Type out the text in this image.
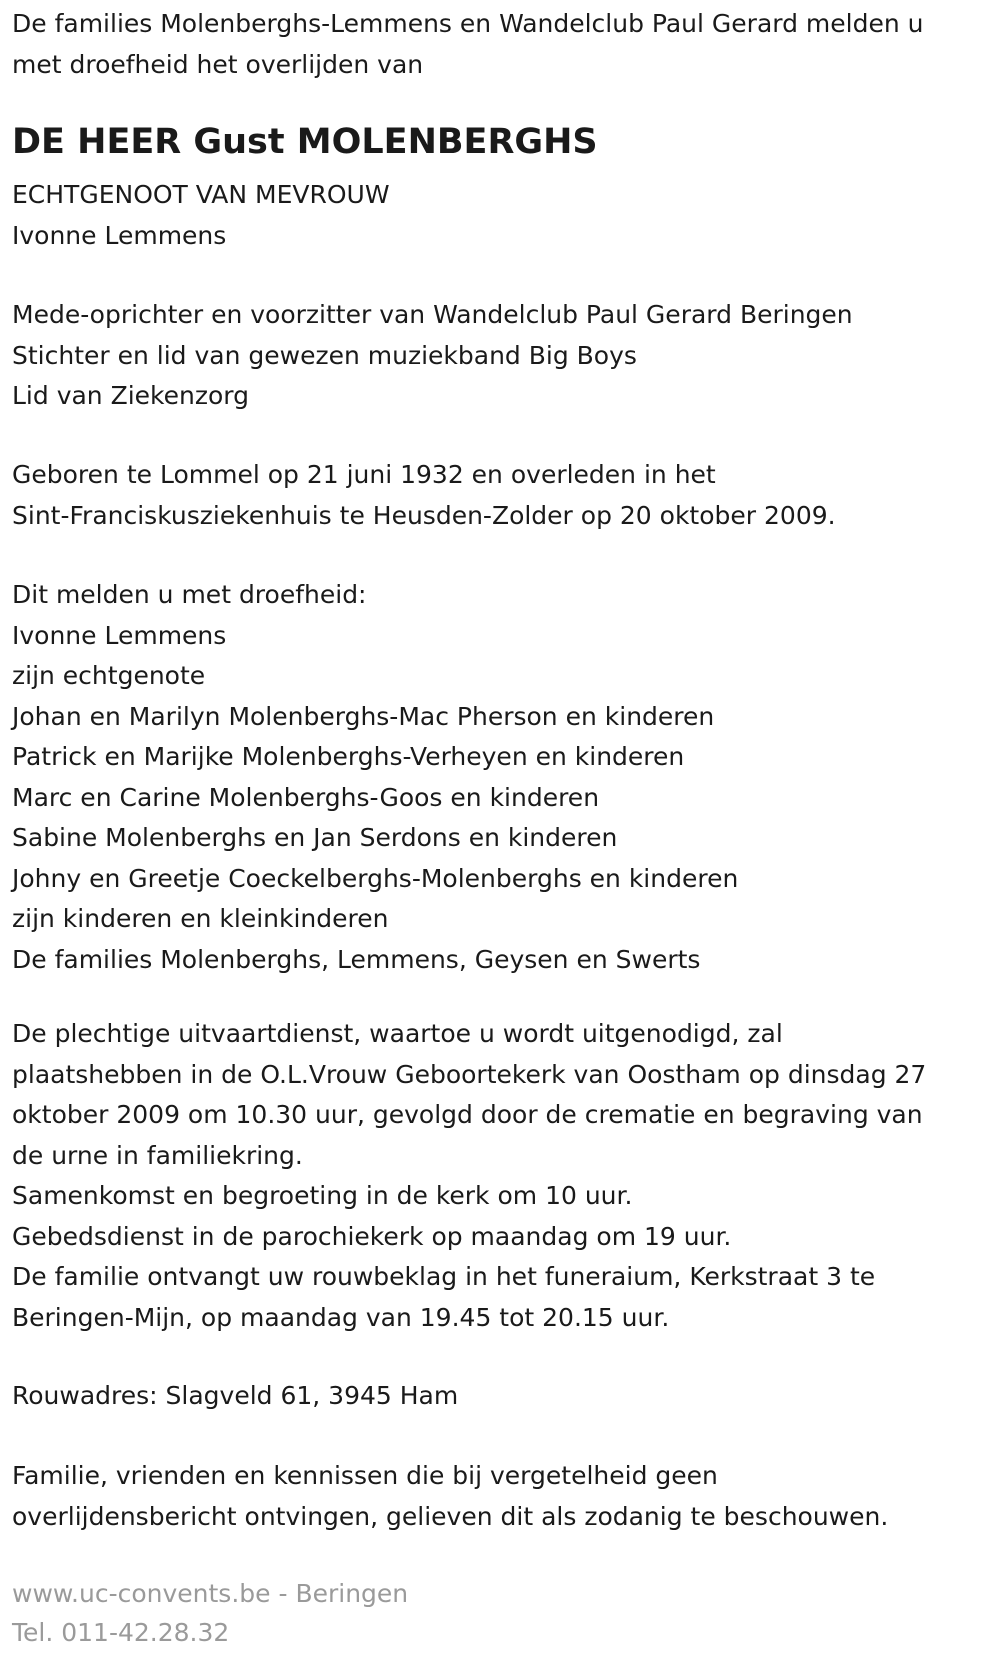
De families Molenberghs-Lemmens en Wandelclub Paul Gerard melden u

met droefheid het overlijden van

DE HEER Gust MOLENBERGHS

ECHTGENOOT VAN MEVROUW

Ivonne Lemmens

Mede-oprichter en voorzitter van Wandelclub Paul Gerard Beringen

Stichter en lid van gewezen muziekband Big Boys

Lid van Ziekenzorg

Geboren te Lommel op 21 juni 1932 en overleden in het

Sint-Franciskusziekenhuis te Heusden-Zolder op 20 oktober 2009.

Dit melden u met droefheid:

Ivonne Lemmens

zijn echtgenote

Johan en Marilyn Molenberghs-Mac Pherson en kinderen

Patrick en Marijke Molenberghs-Verheyen en kinderen

Marc en Carine Molenberghs-Goos en kinderen

Sabine Molenberghs en Jan Serdons en kinderen

Johny en Greetje Coeckelberghs-Molenberghs en kinderen

zijn kinderen en kleinkinderen

De families Molenberghs, Lemmens, Geysen en Swerts

De plechtige uitvaartdienst, waartoe u wordt uitgenodigd, zal

plaatshebben in de O.L.Vrouw Geboortekerk van Oostham op dinsdag 27

oktober 2009 om 10.30 uur, gevolgd door de crematie en begraving van

de urne in familiekring.

Samenkomst en begroeting in de kerk om 10 uur.

Gebedsdienst in de parochiekerk op maandag om 19 uur.

De familie ontvangt uw rouwbeklag in het funeraium, Kerkstraat 3 te

Beringen-Mijn, op maandag van 19.45 tot 20.15 uur.

Rouwadres: Slagveld 61, 3945 Ham

Familie, vrienden en kennissen die bij vergetelheid geen

overlijdensbericht ontvingen, gelieven dit als zodanig te beschouwen.

www.uc-convents.be - Beringen

Tel. 011-42.28.32
